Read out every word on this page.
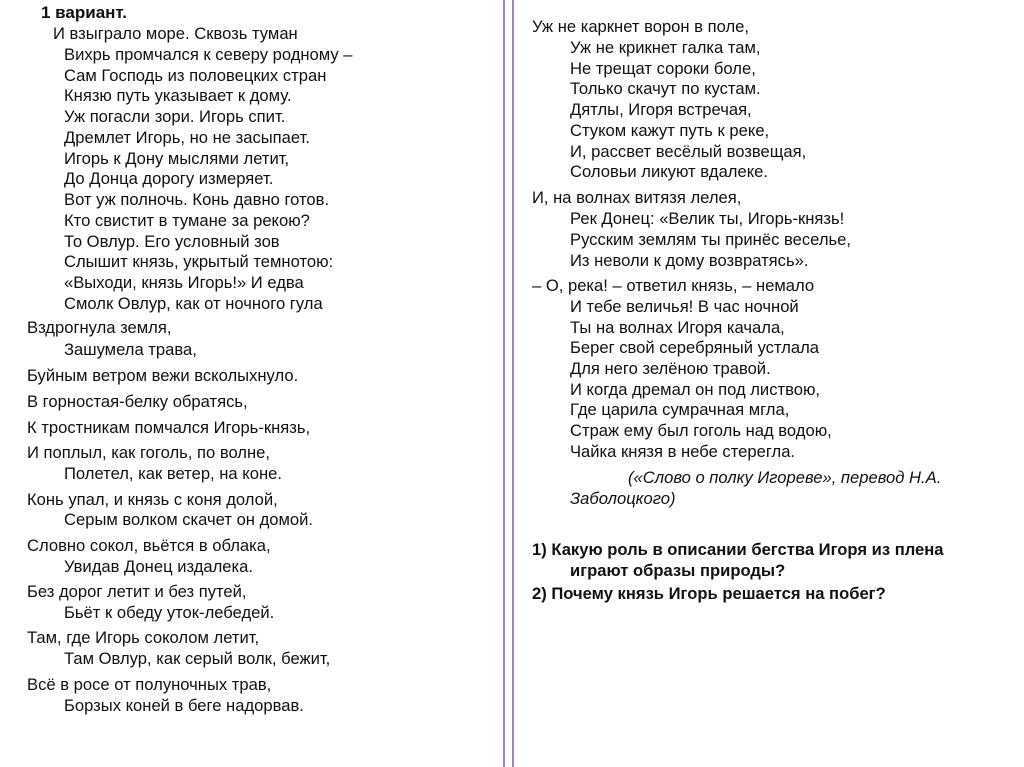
1 вариант.
И взыграло море. Сквозь туман
Вихрь промчался к северу родному –
Сам Господь из половецких стран
Князю путь указывает к дому.
Уж погасли зори. Игорь спит.
Дремлет Игорь, но не засыпает.
Игорь к Дону мыслями летит,
До Донца дорогу измеряет.
Вот уж полночь. Конь давно готов.
Кто свистит в тумане за рекою?
То Овлур. Его условный зов
Слышит князь, укрытый темнотою:
«Выходи, князь Игорь!» И едва
Смолк Овлур, как от ночного гула
Вздрогнула земля,
Зашумела трава,
Буйным ветром вежи всколыхнуло.
В горностая-белку обратясь,
К тростникам помчался Игорь-князь,
И поплыл, как гоголь, по волне,
Полетел, как ветер, на коне.
Конь упал, и князь с коня долой,
Серым волком скачет он домой.
Словно сокол, вьётся в облака,
Увидав Донец издалека.
Без дорог летит и без путей,
Бьёт к обеду уток-лебедей.
Там, где Игорь соколом летит,
Там Овлур, как серый волк, бежит,
Всё в росе от полуночных трав,
Борзых коней в беге надорвав.
Уж не каркнет ворон в поле,
Уж не крикнет галка там,
Не трещат сороки боле,
Только скачут по кустам.
Дятлы, Игоря встречая,
Стуком кажут путь к реке,
И, рассвет весёлый возвещая,
Соловьи ликуют вдалеке.
И, на волнах витязя лелея,
Рек Донец: «Велик ты, Игорь-князь!
Русским землям ты принёс веселье,
Из неволи к дому возвратясь».
– О, река! – ответил князь, – немало
И тебе величья! В час ночной
Ты на волнах Игоря качала,
Берег свой серебряный устлала
Для него зелёною травой.
И когда дремал он под листвою,
Где царила сумрачная мгла,
Страж ему был гоголь над водою,
Чайка князя в небе стерегла.
(«Слово о полку Игореве», перевод Н.А.
Заболоцкого)
1) Какую роль в описании бегства Игоря из плена
играют образы природы?
2) Почему князь Игорь решается на побег?
